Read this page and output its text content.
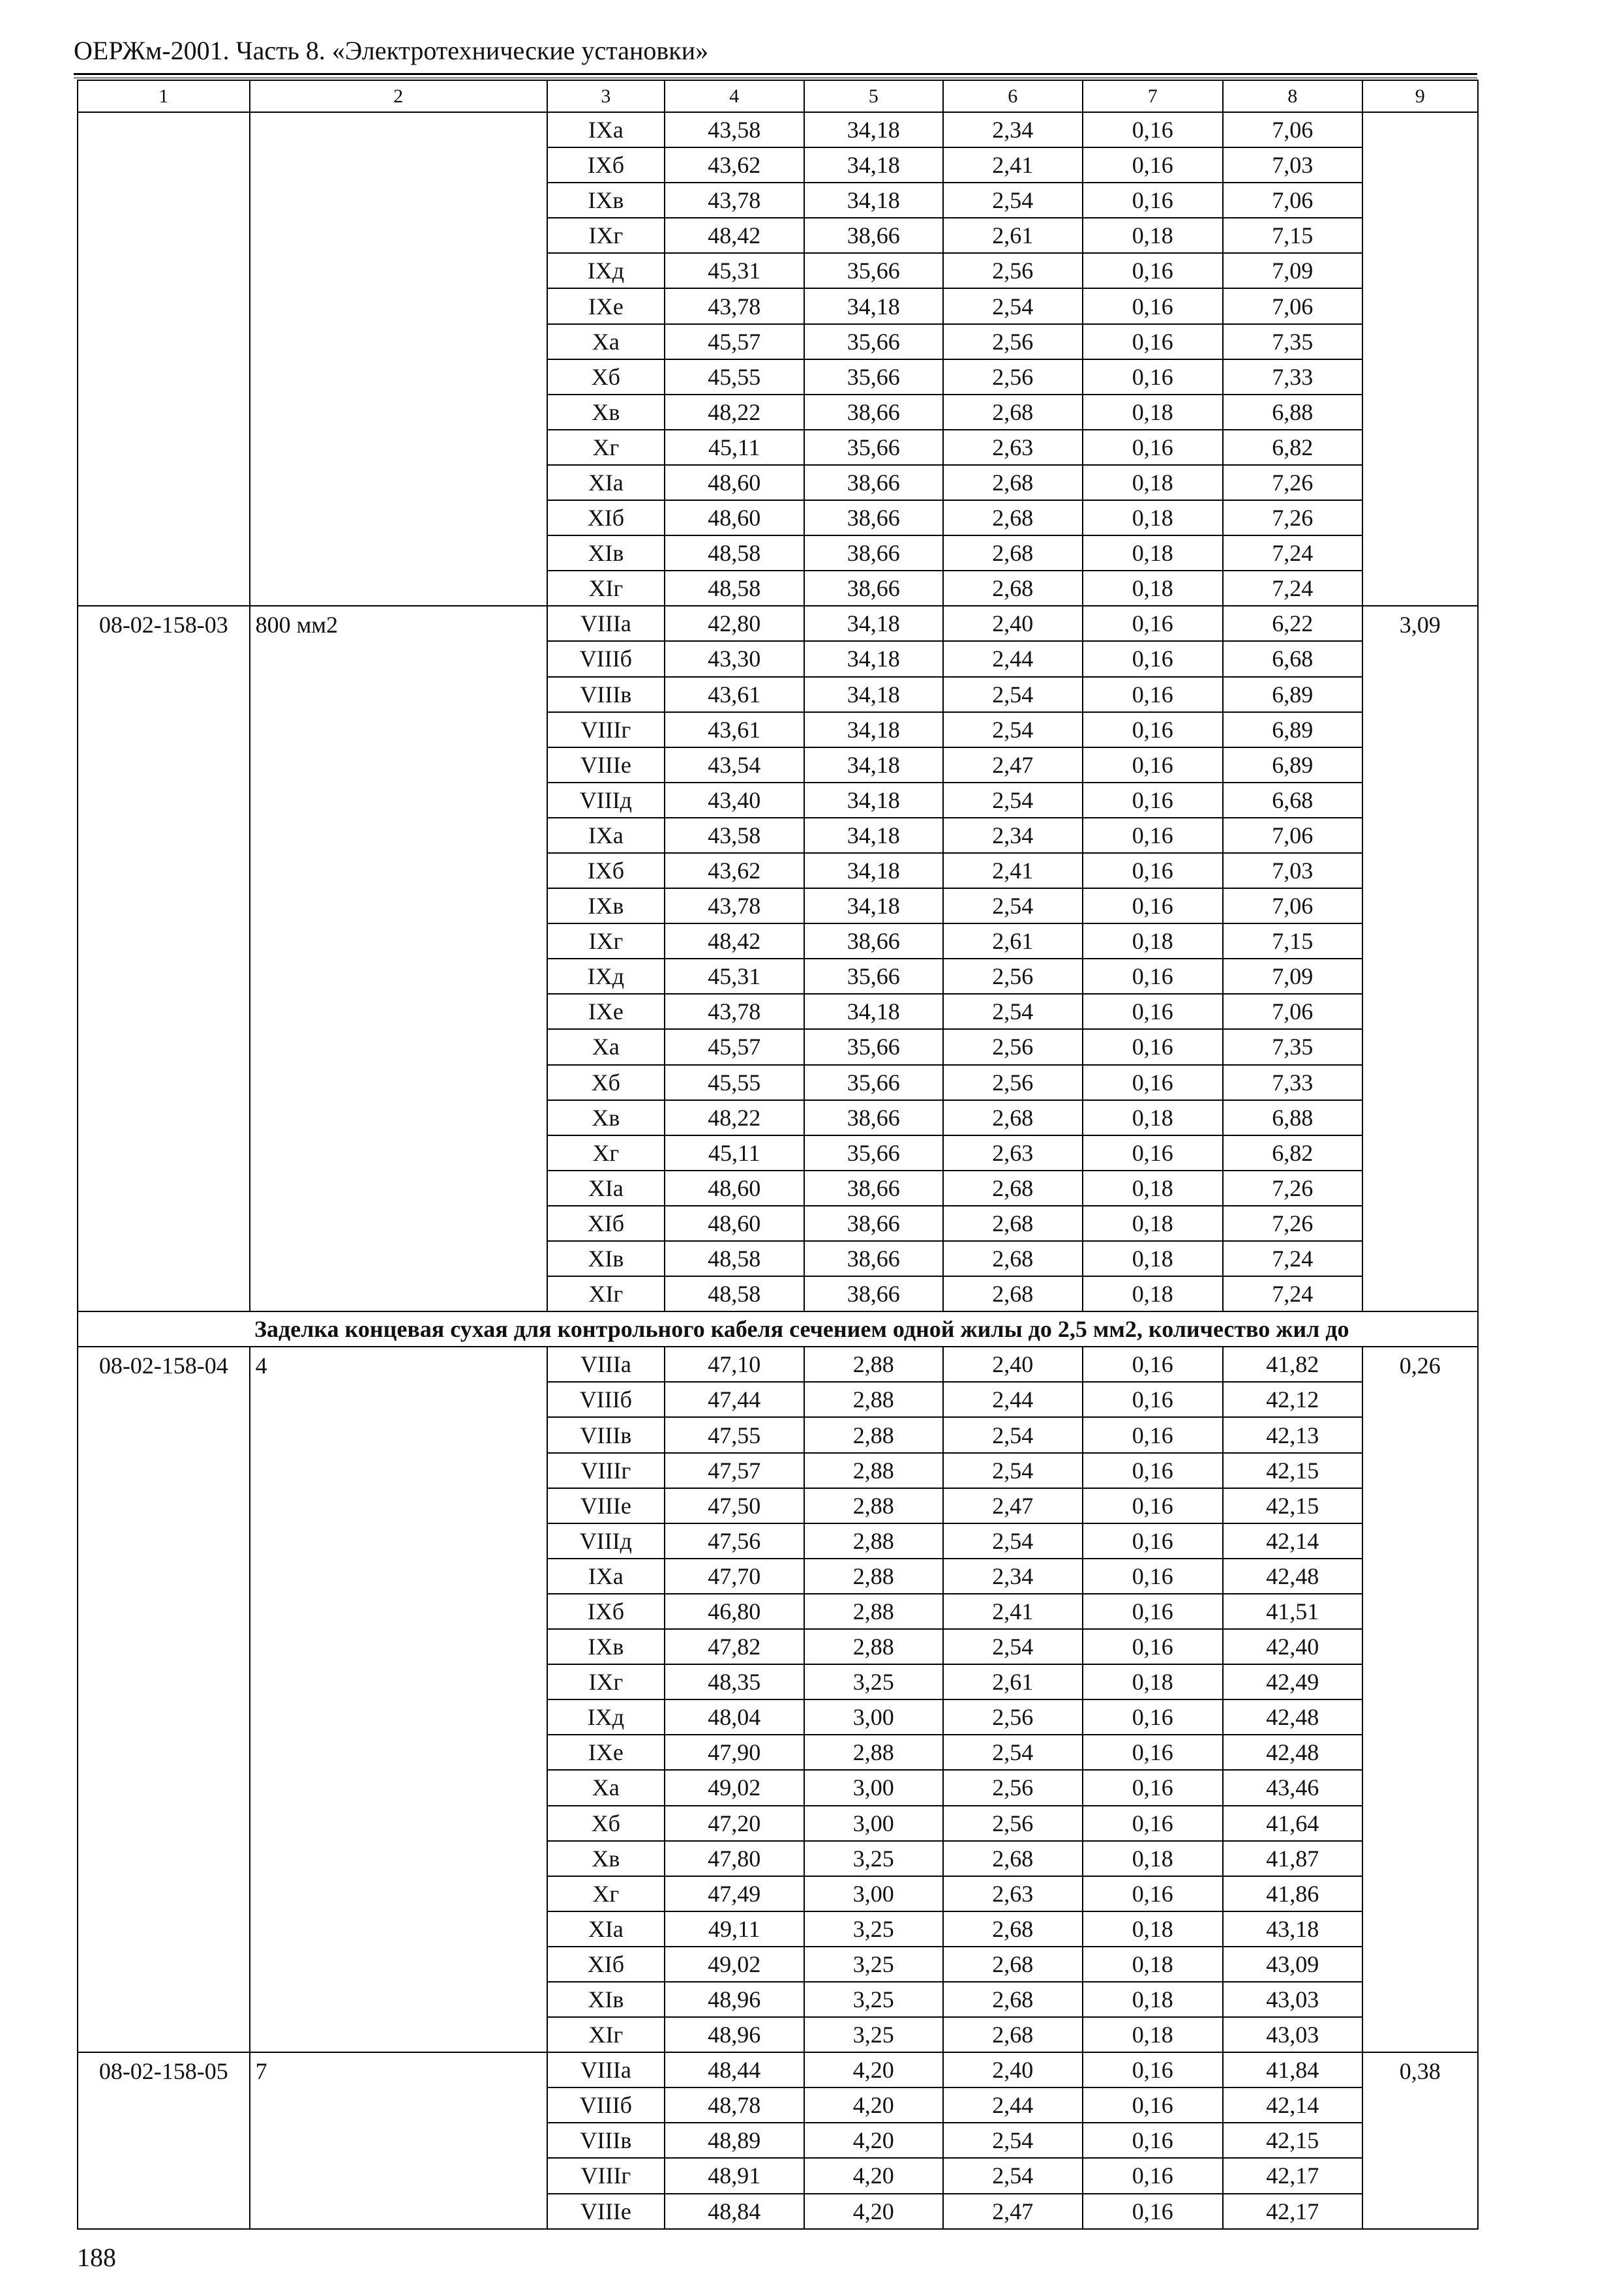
ОЕРЖм-2001. Часть 8. «Электротехнические установки»
1	2	3	4	5	6	7	8	9
		IXа	43,58	34,18	2,34	0,16	7,06	
		IXб	43,62	34,18	2,41	0,16	7,03	
		IXв	43,78	34,18	2,54	0,16	7,06	
		IXг	48,42	38,66	2,61	0,18	7,15	
		IXд	45,31	35,66	2,56	0,16	7,09	
		IXе	43,78	34,18	2,54	0,16	7,06	
		Xа	45,57	35,66	2,56	0,16	7,35	
		Xб	45,55	35,66	2,56	0,16	7,33	
		Xв	48,22	38,66	2,68	0,18	6,88	
		Xг	45,11	35,66	2,63	0,16	6,82	
		XIа	48,60	38,66	2,68	0,18	7,26	
		XIб	48,60	38,66	2,68	0,18	7,26	
		XIв	48,58	38,66	2,68	0,18	7,24	
		XIг	48,58	38,66	2,68	0,18	7,24	
08-02-158-03	800 мм2	VIIIа	42,80	34,18	2,40	0,16	6,22	3,09
		VIIIб	43,30	34,18	2,44	0,16	6,68	
		VIIIв	43,61	34,18	2,54	0,16	6,89	
		VIIIг	43,61	34,18	2,54	0,16	6,89	
		VIIIе	43,54	34,18	2,47	0,16	6,89	
		VIIIд	43,40	34,18	2,54	0,16	6,68	
		IXа	43,58	34,18	2,34	0,16	7,06	
		IXб	43,62	34,18	2,41	0,16	7,03	
		IXв	43,78	34,18	2,54	0,16	7,06	
		IXг	48,42	38,66	2,61	0,18	7,15	
		IXд	45,31	35,66	2,56	0,16	7,09	
		IXе	43,78	34,18	2,54	0,16	7,06	
		Xа	45,57	35,66	2,56	0,16	7,35	
		Xб	45,55	35,66	2,56	0,16	7,33	
		Xв	48,22	38,66	2,68	0,18	6,88	
		Xг	45,11	35,66	2,63	0,16	6,82	
		XIа	48,60	38,66	2,68	0,18	7,26	
		XIб	48,60	38,66	2,68	0,18	7,26	
		XIв	48,58	38,66	2,68	0,18	7,24	
		XIг	48,58	38,66	2,68	0,18	7,24	
Заделка концевая сухая для контрольного кабеля сечением одной жилы до 2,5 мм2, количество жил до								
08-02-158-04	4	VIIIа	47,10	2,88	2,40	0,16	41,82	0,26
		VIIIб	47,44	2,88	2,44	0,16	42,12	
		VIIIв	47,55	2,88	2,54	0,16	42,13	
		VIIIг	47,57	2,88	2,54	0,16	42,15	
		VIIIе	47,50	2,88	2,47	0,16	42,15	
		VIIIд	47,56	2,88	2,54	0,16	42,14	
		IXа	47,70	2,88	2,34	0,16	42,48	
		IXб	46,80	2,88	2,41	0,16	41,51	
		IXв	47,82	2,88	2,54	0,16	42,40	
		IXг	48,35	3,25	2,61	0,18	42,49	
		IXд	48,04	3,00	2,56	0,16	42,48	
		IXе	47,90	2,88	2,54	0,16	42,48	
		Xа	49,02	3,00	2,56	0,16	43,46	
		Xб	47,20	3,00	2,56	0,16	41,64	
		Xв	47,80	3,25	2,68	0,18	41,87	
		Xг	47,49	3,00	2,63	0,16	41,86	
		XIа	49,11	3,25	2,68	0,18	43,18	
		XIб	49,02	3,25	2,68	0,18	43,09	
		XIв	48,96	3,25	2,68	0,18	43,03	
		XIг	48,96	3,25	2,68	0,18	43,03	
08-02-158-05	7	VIIIа	48,44	4,20	2,40	0,16	41,84	0,38
		VIIIб	48,78	4,20	2,44	0,16	42,14	
		VIIIв	48,89	4,20	2,54	0,16	42,15	
		VIIIг	48,91	4,20	2,54	0,16	42,17	
		VIIIе	48,84	4,20	2,47	0,16	42,17	
188
